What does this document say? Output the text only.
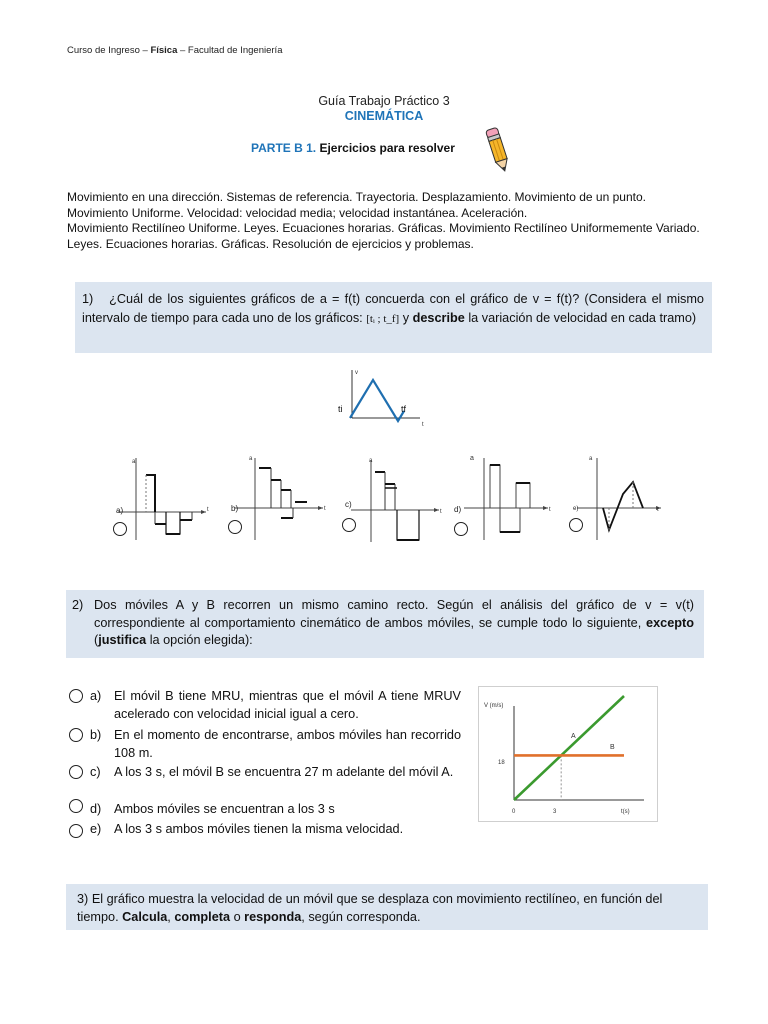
Curso de Ingreso – Física – Facultad de Ingeniería
Guía Trabajo Práctico 3
CINEMÁTICA
PARTE B 1. Ejercicios para resolver
Movimiento en una dirección. Sistemas de referencia. Trayectoria. Desplazamiento. Movimiento de un punto.
Movimiento Uniforme. Velocidad: velocidad media; velocidad instantánea. Aceleración.
Movimiento Rectilíneo Uniforme. Leyes. Ecuaciones horarias. Gráficas. Movimiento Rectilíneo Uniformemente Variado. Leyes. Ecuaciones horarias. Gráficas. Resolución de ejercicios y problemas.
1) ¿Cuál de los siguientes gráficos de a = f(t) concuerda con el gráfico de v = f(t)? (Considera el mismo intervalo de tiempo para cada uno de los gráficos: [tᵢ ; t_f] y describe la variación de velocidad en cada tramo)
v
t
ti	tf
a
t
a)
a
t
b)
a
t
c)
a
t
d)
a
t
e)
2) Dos móviles A y B recorren un mismo camino recto. Según el análisis del gráfico de v = v(t) correspondiente al comportamiento cinemático de ambos móviles, se cumple todo lo siguiente, excepto (justifica la opción elegida):
a)	El móvil B tiene MRU, mientras que el móvil A tiene MRUV acelerado con velocidad inicial igual a cero.
b)	En el momento de encontrarse, ambos móviles han recorrido 108 m.
c)	A los 3 s, el móvil B se encuentra 27 m adelante del móvil A.
d)	Ambos móviles se encuentran a los 3 s
e)	A los 3 s ambos móviles tienen la misma velocidad.
V (m/s)
t(s)
18
0	3
A
B
3) El gráfico muestra la velocidad de un móvil que se desplaza con movimiento rectilíneo, en función del tiempo. Calcula, completa o responda, según corresponda.
